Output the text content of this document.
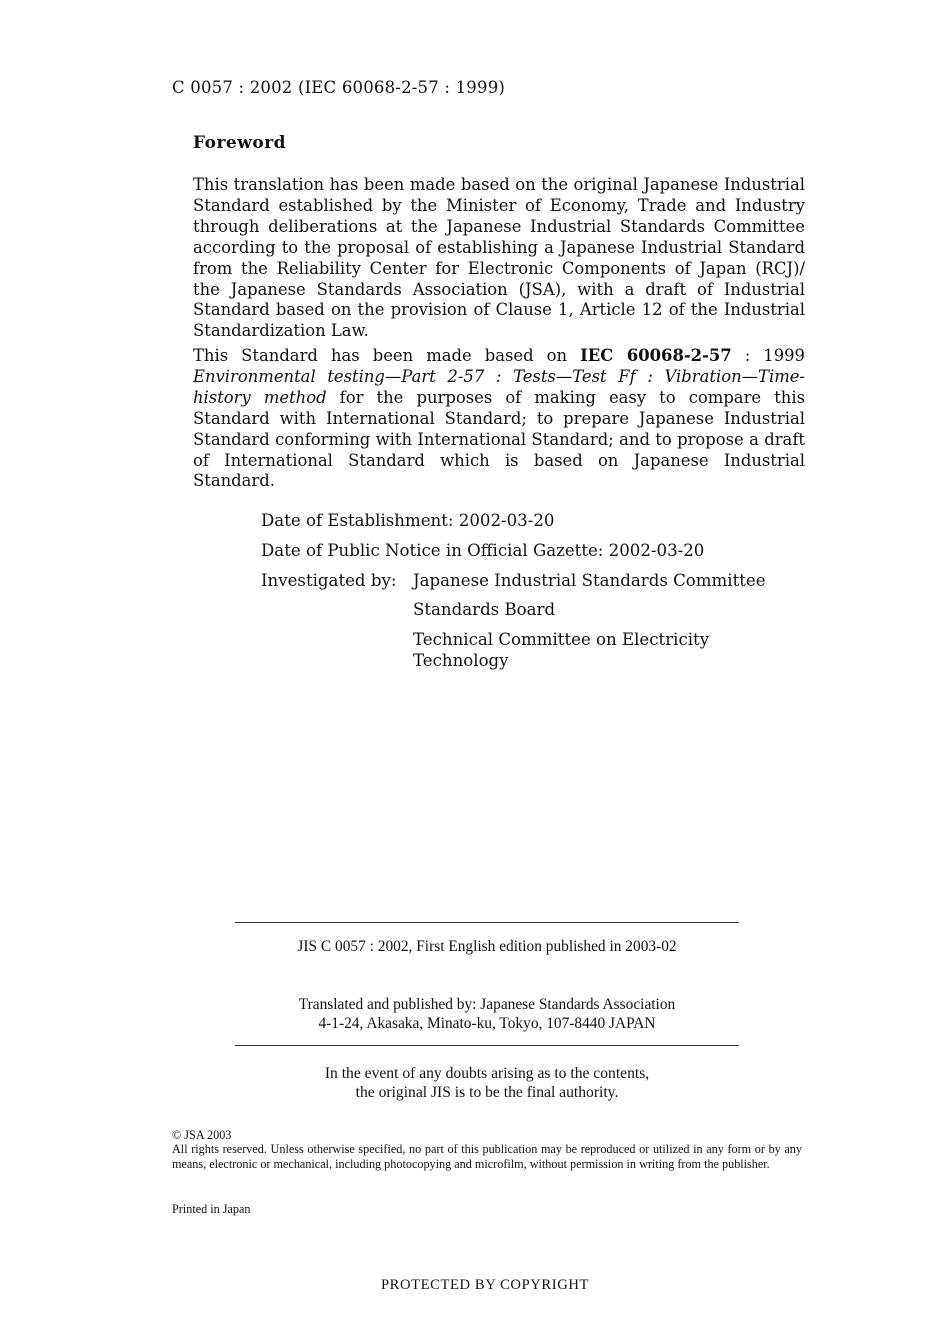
C 0057 : 2002 (IEC 60068-2-57 : 1999)
Foreword

This translation has been made based on the original Japanese Industrial Standard established by the Minister of Economy, Trade and Industry through deliberations at the Japanese Industrial Standards Committee according to the proposal of establishing a Japanese Industrial Standard from the Reliability Center for Electronic Components of Japan (RCJ)/ the Japanese Standards Association (JSA), with a draft of Industrial Standard based on the provision of Clause 1, Article 12 of the Industrial Standardization Law.

This Standard has been made based on IEC 60068-2-57 : 1999 Environmental testing—Part 2-57 : Tests—Test Ff : Vibration—Time-history method for the purposes of making easy to compare this Standard with International Standard; to prepare Japanese Industrial Standard conforming with International Standard; and to propose a draft of International Standard which is based on Japanese Industrial Standard.

Date of Establishment: 2002-03-20
Date of Public Notice in Official Gazette: 2002-03-20
Investigated by: Japanese Industrial Standards Committee
Standards Board
Technical Committee on Electricity Technology
JIS C 0057 : 2002, First English edition published in 2003-02
Translated and published by: Japanese Standards Association
4-1-24, Akasaka, Minato-ku, Tokyo, 107-8440 JAPAN
In the event of any doubts arising as to the contents,
the original JIS is to be the final authority.
© JSA 2003
All rights reserved. Unless otherwise specified, no part of this publication may be reproduced or utilized in any form or by any means, electronic or mechanical, including photocopying and microfilm, without permission in writing from the publisher.
Printed in Japan
PROTECTED BY COPYRIGHT
